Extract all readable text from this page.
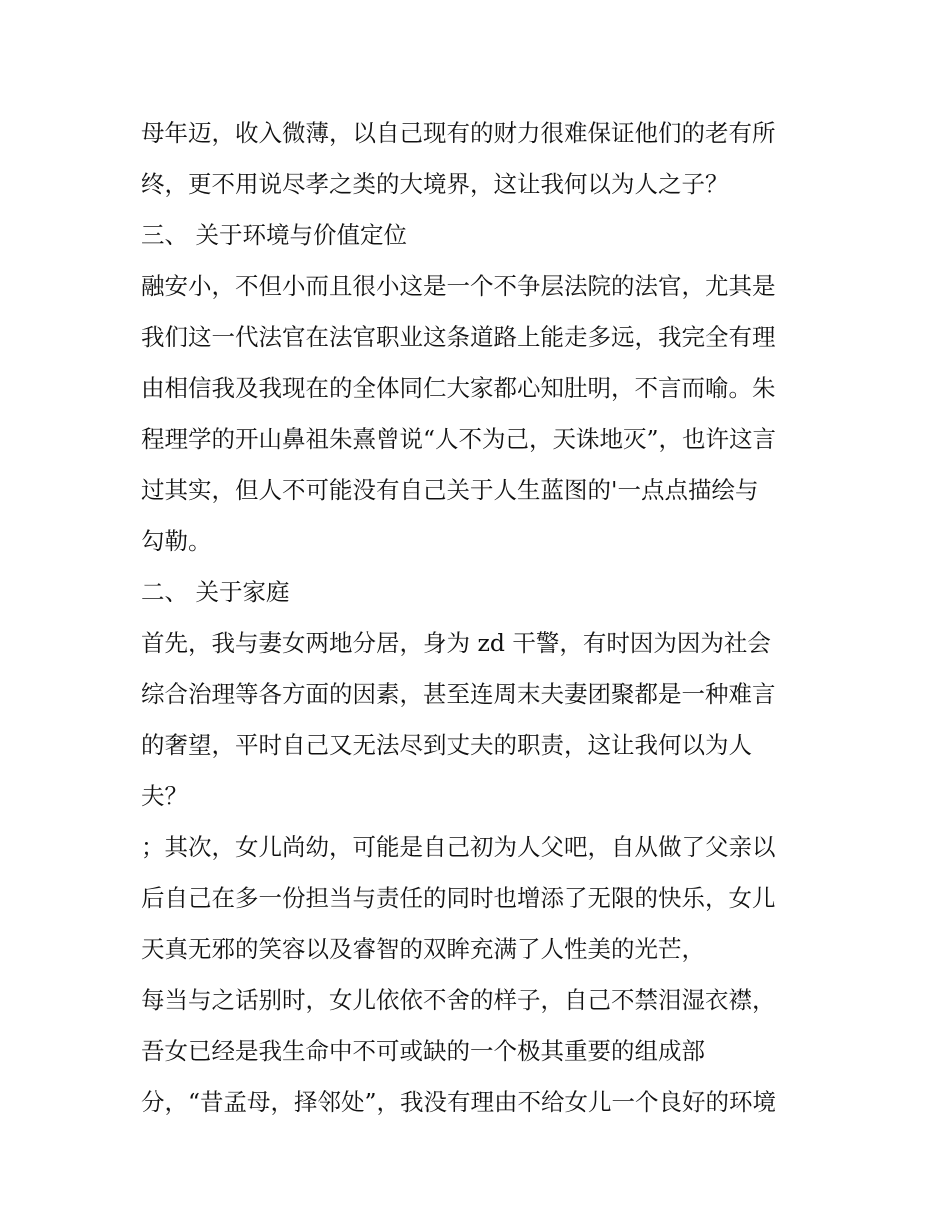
母年迈，收入微薄，以自己现有的财力很难保证他们的老有所
终，更不用说尽孝之类的大境界，这让我何以为人之子？
三、 关于环境与价值定位
融安小，不但小而且很小这是一个不争层法院的法官，尤其是
我们这一代法官在法官职业这条道路上能走多远，我完全有理
由相信我及我现在的全体同仁大家都心知肚明，不言而喻。朱
程理学的开山鼻祖朱熹曾说“人不为己，天诛地灭”，也许这言
过其实，但人不可能没有自己关于人生蓝图的'一点点描绘与
勾勒。
二、 关于家庭
首先，我与妻女两地分居，身为 zd 干警，有时因为因为社会
综合治理等各方面的因素，甚至连周末夫妻团聚都是一种难言
的奢望，平时自己又无法尽到丈夫的职责，这让我何以为人
夫？
；其次，女儿尚幼，可能是自己初为人父吧，自从做了父亲以
后自己在多一份担当与责任的同时也增添了无限的快乐，女儿
天真无邪的笑容以及睿智的双眸充满了人性美的光芒，
每当与之话别时，女儿依依不舍的样子，自己不禁泪湿衣襟，
吾女已经是我生命中不可或缺的一个极其重要的组成部
分，“昔孟母，择邻处”，我没有理由不给女儿一个良好的环境
